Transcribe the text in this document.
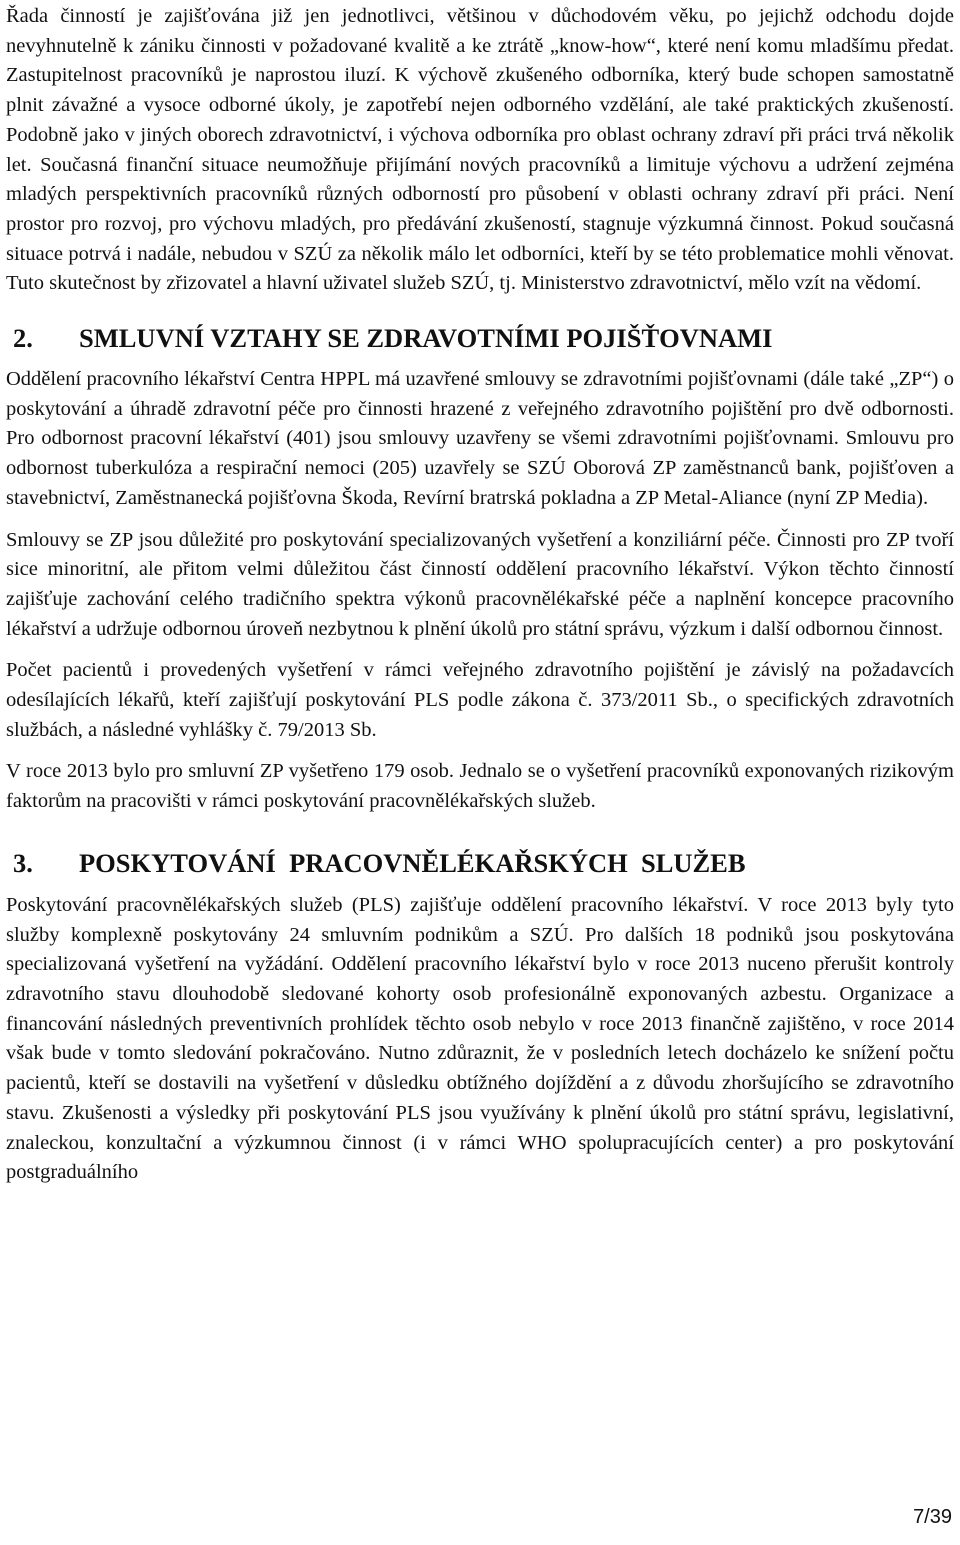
Řada činností je zajišťována již jen jednotlivci, většinou v důchodovém věku, po jejichž odchodu dojde nevyhnutelně k zániku činnosti v požadované kvalitě a ke ztrátě „know-how“, které není komu mladšímu předat. Zastupitelnost pracovníků je naprostou iluzí. K výchově zkušeného odborníka, který bude schopen samostatně plnit závažné a vysoce odborné úkoly, je zapotřebí nejen odborného vzdělání, ale také praktických zkušeností. Podobně jako v jiných oborech zdravotnictví, i výchova odborníka pro oblast ochrany zdraví při práci trvá několik let. Současná finanční situace neumožňuje přijímání nových pracovníků a limituje výchovu a udržení zejména mladých perspektivních pracovníků různých odborností pro působení v oblasti ochrany zdraví při práci. Není prostor pro rozvoj, pro výchovu mladých, pro předávání zkušeností, stagnuje výzkumná činnost. Pokud současná situace potrvá i nadále, nebudou v SZÚ za několik málo let odborníci, kteří by se této problematice mohli věnovat. Tuto skutečnost by zřizovatel a hlavní uživatel služeb SZÚ, tj. Ministerstvo zdravotnictví, mělo vzít na vědomí.

2.	SMLUVNÍ VZTAHY SE ZDRAVOTNÍMI POJIŠŤOVNAMI

Oddělení pracovního lékařství Centra HPPL má uzavřené smlouvy se zdravotními pojišťovnami (dále také „ZP“) o poskytování a úhradě zdravotní péče pro činnosti hrazené z veřejného zdravotního pojištění pro dvě odbornosti. Pro odbornost pracovní lékařství (401) jsou smlouvy uzavřeny se všemi zdravotními pojišťovnami. Smlouvu pro odbornost tuberkulóza a respirační nemoci (205) uzavřely se SZÚ Oborová ZP zaměstnanců bank, pojišťoven a stavebnictví, Zaměstnanecká pojišťovna Škoda, Revírní bratrská pokladna a ZP Metal-Aliance (nyní ZP Media).

Smlouvy se ZP jsou důležité pro poskytování specializovaných vyšetření a konziliární péče. Činnosti pro ZP tvoří sice minoritní, ale přitom velmi důležitou část činností oddělení pracovního lékařství. Výkon těchto činností zajišťuje zachování celého tradičního spektra výkonů pracovnělékařské péče a naplnění koncepce pracovního lékařství a udržuje odbornou úroveň nezbytnou k plnění úkolů pro státní správu, výzkum i další odbornou činnost.

Počet pacientů i provedených vyšetření v rámci veřejného zdravotního pojištění je závislý na požadavcích odesílajících lékařů, kteří zajišťují poskytování PLS podle zákona č. 373/2011 Sb., o specifických zdravotních službách, a následné vyhlášky č. 79/2013 Sb.

V roce 2013 bylo pro smluvní ZP vyšetřeno 179 osob. Jednalo se o vyšetření pracovníků exponovaných rizikovým faktorům na pracovišti v rámci poskytování pracovnělékařských služeb.

3.	POSKYTOVÁNÍ  PRACOVNĚLÉKAŘSKÝCH  SLUŽEB

Poskytování pracovnělékařských služeb (PLS) zajišťuje oddělení pracovního lékařství. V roce 2013 byly tyto služby komplexně poskytovány 24 smluvním podnikům a SZÚ. Pro dalších 18 podniků jsou poskytována specializovaná vyšetření na vyžádání. Oddělení pracovního lékařství bylo v roce 2013 nuceno přerušit kontroly zdravotního stavu dlouhodobě sledované kohorty osob profesionálně exponovaných azbestu. Organizace a financování následných preventivních prohlídek těchto osob nebylo v roce 2013 finančně zajištěno, v roce 2014 však bude v tomto sledování pokračováno. Nutno zdůraznit, že v posledních letech docházelo ke snížení počtu pacientů, kteří se dostavili na vyšetření v důsledku obtížného dojíždění a z důvodu zhoršujícího se zdravotního stavu. Zkušenosti a výsledky při poskytování PLS jsou využívány k plnění úkolů pro státní správu, legislativní, znaleckou, konzultační a výzkumnou činnost (i v rámci WHO spolupracujících center) a pro poskytování postgraduálního

7/39
